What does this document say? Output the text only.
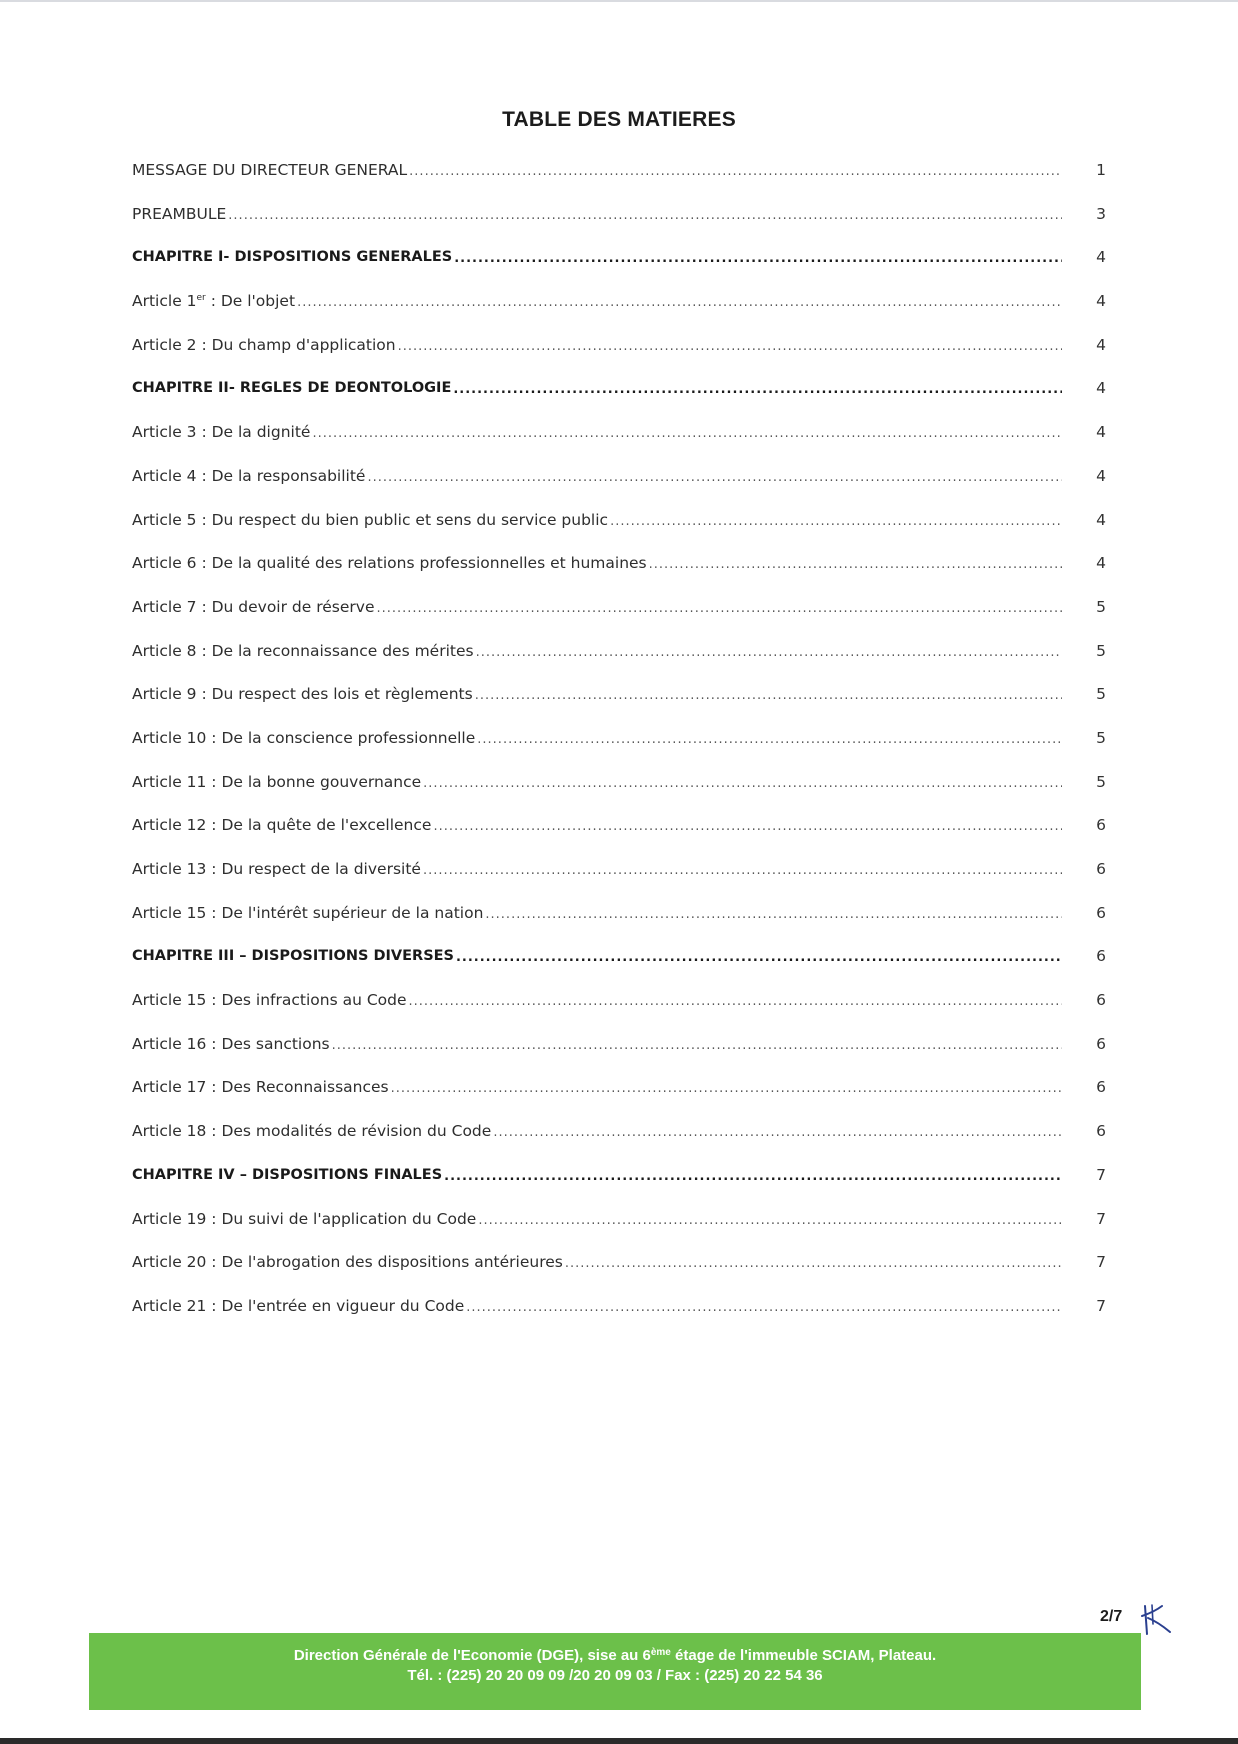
TABLE DES MATIERES
MESSAGE DU DIRECTEUR GENERAL .....	1
PREAMBULE .....	3
CHAPITRE I- DISPOSITIONS GENERALES .....	4
Article 1er : De l'objet .....	4
Article 2 : Du champ d'application .....	4
CHAPITRE II- REGLES DE DEONTOLOGIE .....	4
Article 3 : De la dignité .....	4
Article 4 : De la responsabilité .....	4
Article 5 : Du respect du bien public et sens du service public .....	4
Article 6 : De la qualité des relations professionnelles et humaines .....	4
Article 7 : Du devoir de réserve .....	5
Article 8 : De la reconnaissance des mérites .....	5
Article 9 : Du respect des lois et règlements .....	5
Article 10 : De la conscience professionnelle .....	5
Article 11 : De la bonne gouvernance .....	5
Article 12 : De la quête de l'excellence .....	6
Article 13 : Du respect de la diversité .....	6
Article 15 : De l'intérêt supérieur de la nation .....	6
CHAPITRE III – DISPOSITIONS DIVERSES .....	6
Article 15 : Des infractions au Code .....	6
Article 16 : Des sanctions .....	6
Article 17 : Des Reconnaissances .....	6
Article 18 : Des modalités de révision du Code .....	6
CHAPITRE IV – DISPOSITIONS FINALES .....	7
Article 19 : Du suivi de l'application du Code .....	7
Article 20 : De l'abrogation des dispositions antérieures .....	7
Article 21 : De l'entrée en vigueur du Code .....	7
2/7
Direction Générale de l'Economie (DGE), sise au 6ème étage de l'immeuble SCIAM, Plateau.
Tél. : (225) 20 20 09 09 /20 20 09 03 / Fax : (225) 20 22 54 36
